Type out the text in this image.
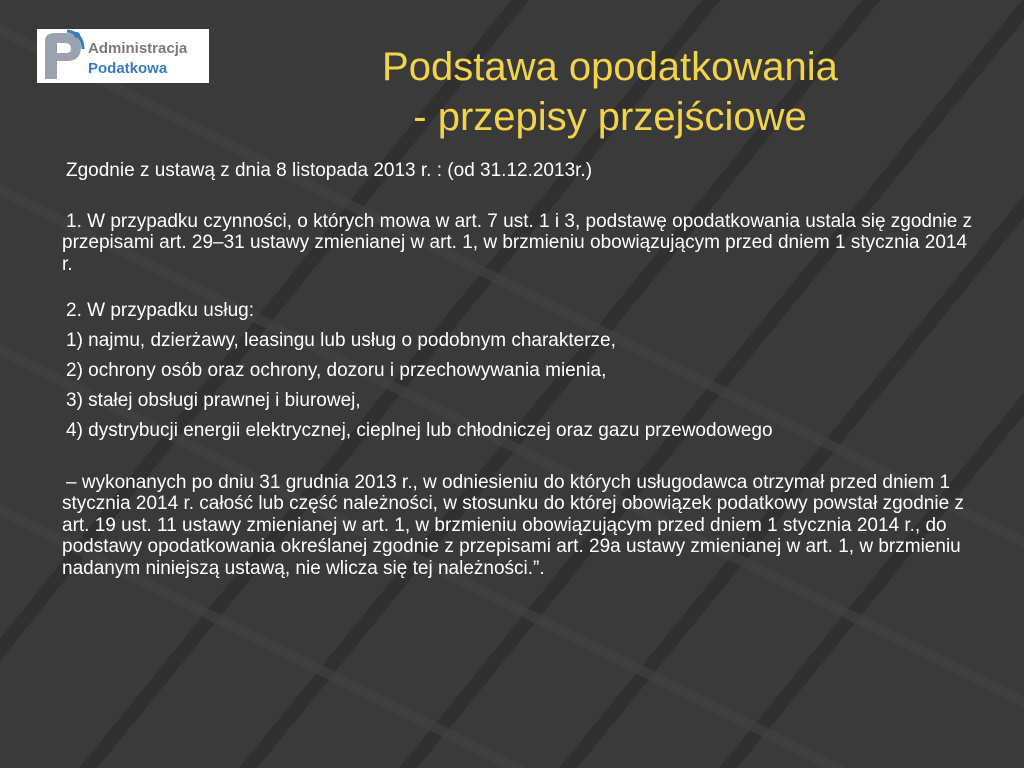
Administracja
Podatkowa	Podstawa opodatkowania
- przepisy przejściowe

Zgodnie z ustawą z dnia 8 listopada 2013 r. : (od 31.12.2013r.)

1. W przypadku czynności, o których mowa w art. 7 ust. 1 i 3, podstawę opodatkowania ustala się zgodnie z przepisami art. 29–31 ustawy zmienianej w art. 1, w brzmieniu obowiązującym przed dniem 1 stycznia 2014 r.

2. W przypadku usług:

1) najmu, dzierżawy, leasingu lub usług o podobnym charakterze,

2) ochrony osób oraz ochrony, dozoru i przechowywania mienia,

3) stałej obsługi prawnej i biurowej,

4) dystrybucji energii elektrycznej, cieplnej lub chłodniczej oraz gazu przewodowego

– wykonanych po dniu 31 grudnia 2013 r., w odniesieniu do których usługodawca otrzymał przed dniem 1 stycznia 2014 r. całość lub część należności, w stosunku do której obowiązek podatkowy powstał zgodnie z art. 19 ust. 11 ustawy zmienianej w art. 1, w brzmieniu obowiązującym przed dniem 1 stycznia 2014 r., do podstawy opodatkowania określanej zgodnie z przepisami art. 29a ustawy zmienianej w art. 1, w brzmieniu nadanym niniejszą ustawą, nie wlicza się tej należności.”.
